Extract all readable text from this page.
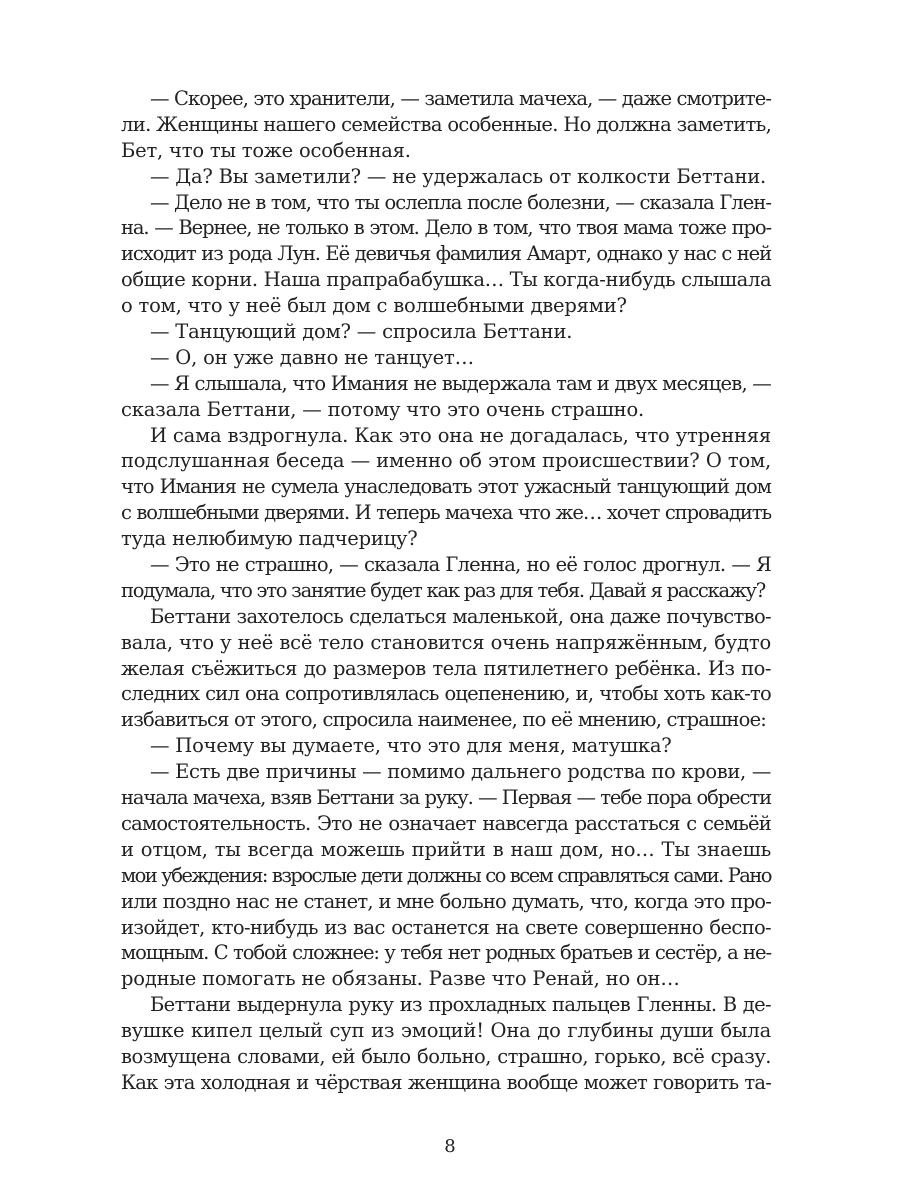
— Скорее, это хранители, — заметила мачеха, — даже смотрите-
ли. Женщины нашего семейства особенные. Но должна заметить,
Бет, что ты тоже особенная.
— Да? Вы заметили? — не удержалась от колкости Беттани.
— Дело не в том, что ты ослепла после болезни, — сказала Глен-
на. — Вернее, не только в этом. Дело в том, что твоя мама тоже про-
исходит из рода Лун. Её девичья фамилия Амарт, однако у нас с ней
общие корни. Наша прапрабабушка… Ты когда-нибудь слышала
о том, что у неё был дом с волшебными дверями?
— Танцующий дом? — спросила Беттани.
— О, он уже давно не танцует…
— Я слышала, что Имания не выдержала там и двух месяцев, —
сказала Беттани, — потому что это очень страшно.
И сама вздрогнула. Как это она не догадалась, что утренняя
подслушанная беседа — именно об этом происшествии? О том,
что Имания не сумела унаследовать этот ужасный танцующий дом
с волшебными дверями. И теперь мачеха что же… хочет спровадить
туда нелюбимую падчерицу?
— Это не страшно, — сказала Гленна, но её голос дрогнул. — Я
подумала, что это занятие будет как раз для тебя. Давай я расскажу?
Беттани захотелось сделаться маленькой, она даже почувство-
вала, что у неё всё тело становится очень напряжённым, будто
желая съёжиться до размеров тела пятилетнего ребёнка. Из по-
следних сил она сопротивлялась оцепенению, и, чтобы хоть как-то
избавиться от этого, спросила наименее, по её мнению, страшное:
— Почему вы думаете, что это для меня, матушка?
— Есть две причины — помимо дальнего родства по крови, —
начала мачеха, взяв Беттани за руку. — Первая — тебе пора обрести
самостоятельность. Это не означает навсегда расстаться с семьёй
и отцом, ты всегда можешь прийти в наш дом, но… Ты знаешь
мои убеждения: взрослые дети должны со всем справляться сами. Рано
или поздно нас не станет, и мне больно думать, что, когда это про-
изойдет, кто-нибудь из вас останется на свете совершенно беспо-
мощным. С тобой сложнее: у тебя нет родных братьев и сестёр, а не-
родные помогать не обязаны. Разве что Ренай, но он…
Беттани выдернула руку из прохладных пальцев Гленны. В де-
вушке кипел целый суп из эмоций! Она до глубины души была
возмущена словами, ей было больно, страшно, горько, всё сразу.
Как эта холодная и чёрствая женщина вообще может говорить та-
8
